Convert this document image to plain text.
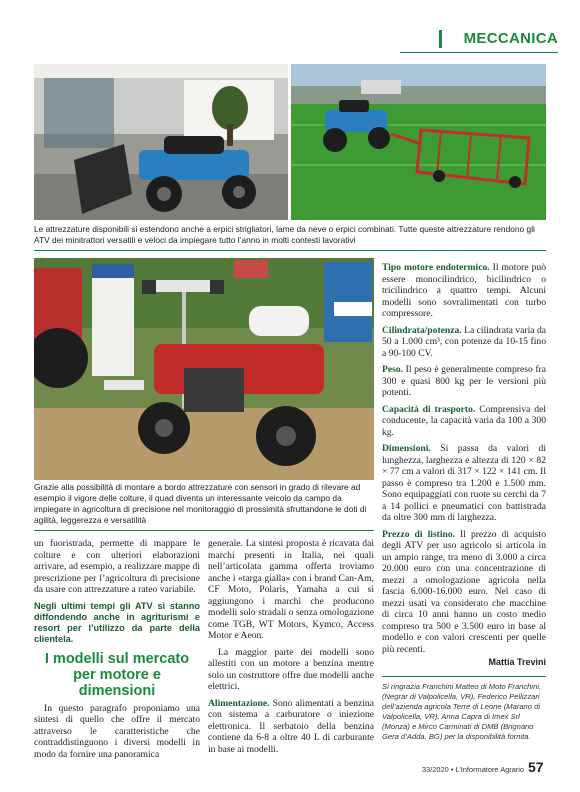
MECCANICA
Le attrezzature disponibili si estendono anche a erpici strigliatori, lame da neve o erpici combinati. Tutte queste attrezzature rendono gli ATV dei minitrattori versatili e veloci da impiegare tutto l’anno in molti contesti lavorativi
Grazie alla possibilità di montare a bordo attrezzature con sensori in grado di rilevare ad esempio il vigore delle colture, il quad diventa un interessante veicolo da campo da impiegare in agricoltura di precisione nel monitoraggio di prossimità sfruttandone le doti di agilità, leggerezza e versatilità

Tipo motore endotermico. Il motore può essere monocilindrico, bicilindrico o tricilindrico a quattro tempi. Alcuni modelli sono sovralimentati con turbo compressore.

Cilindrata/potenza. La cilindrata varia da 50 a 1.000 cm³, con potenze da 10-15 fino a 90-100 CV.

Peso. Il peso è generalmente compreso fra 300 e quasi 800 kg per le versioni più potenti.

Capacità di trasporto. Comprensiva del conducente, la capacità varia da 100 a 300 kg.

Dimensioni. Si passa da valori di lunghezza, larghezza e altezza di 120 × 82 × 77 cm a valori di 317 × 122 × 141 cm. Il passo è compreso tra 1.200 e 1.500 mm. Sono equipaggiati con ruote su cerchi da 7 a 14 pollici e pneumatici con battistrada da oltre 300 mm di larghezza.

Prezzo di listino. Il prezzo di acquisto degli ATV per uso agricolo si articola in un ampio range, tra meno di 3.000 a circa 20.000 euro con una concentrazione di mezzi a omologazione agricola nella fascia 6.000-16.000 euro. Nel caso di mezzi usati va considerato che macchine di circa 10 anni hanno un costo medio compreso tra 500 e 3.500 euro in base al modello e con valori crescenti per quelle più recenti.

Mattia Trevini
Si ringrazia Franchini Matteo di Moto Franchini, (Negrar di Valpolicella, VR), Federico Pellizzari dell’azienda agricola Terre di Leone (Marano di Valpolicella, VR), Anna Capra di Imex Srl (Monza) e Mirco Carminati di DMB (Brignano Gera d’Adda, BG) per la disponibilità fornita.

un fuoristrada, permette di mappare le colture e con ulteriori elaborazioni arrivare, ad esempio, a realizzare mappe di prescrizione per l’agricoltura di precisione da usare con attrezzature a rateo variabile.

Negli ultimi tempi gli ATV si stanno diffondendo anche in agriturismi e resort per l’utilizzo da parte della clientela.

I modelli sul mercato per motore e dimensioni

In questo paragrafo proponiamo una sintesi di quello che offre il mercato attraverso le caratteristiche che contraddistinguono i diversi modelli in modo da fornire una panoramica

generale. La sintesi proposta è ricavata dai marchi presenti in Italia, nei quali nell’articolata gamma offerta troviamo anche i «targa gialla» con i brand Can-Am, CF Moto, Polaris, Yamaha a cui si aggiungono i marchi che producono modelli solo stradali o senza omologazione come TGB, WT Motors, Kymco, Access Motor e Aeon.

La maggior parte dei modelli sono allestiti con un motore a benzina mentre solo un costruttore offre due modelli anche elettrici.

Alimentazione. Sono alimentati a benzina con sistema a carburatore o iniezione elettronica. Il serbatoio della benzina contiene da 6-8 a oltre 40 L di carburante in base ai modelli.

33/2020 • L’Informatore Agrario 57
